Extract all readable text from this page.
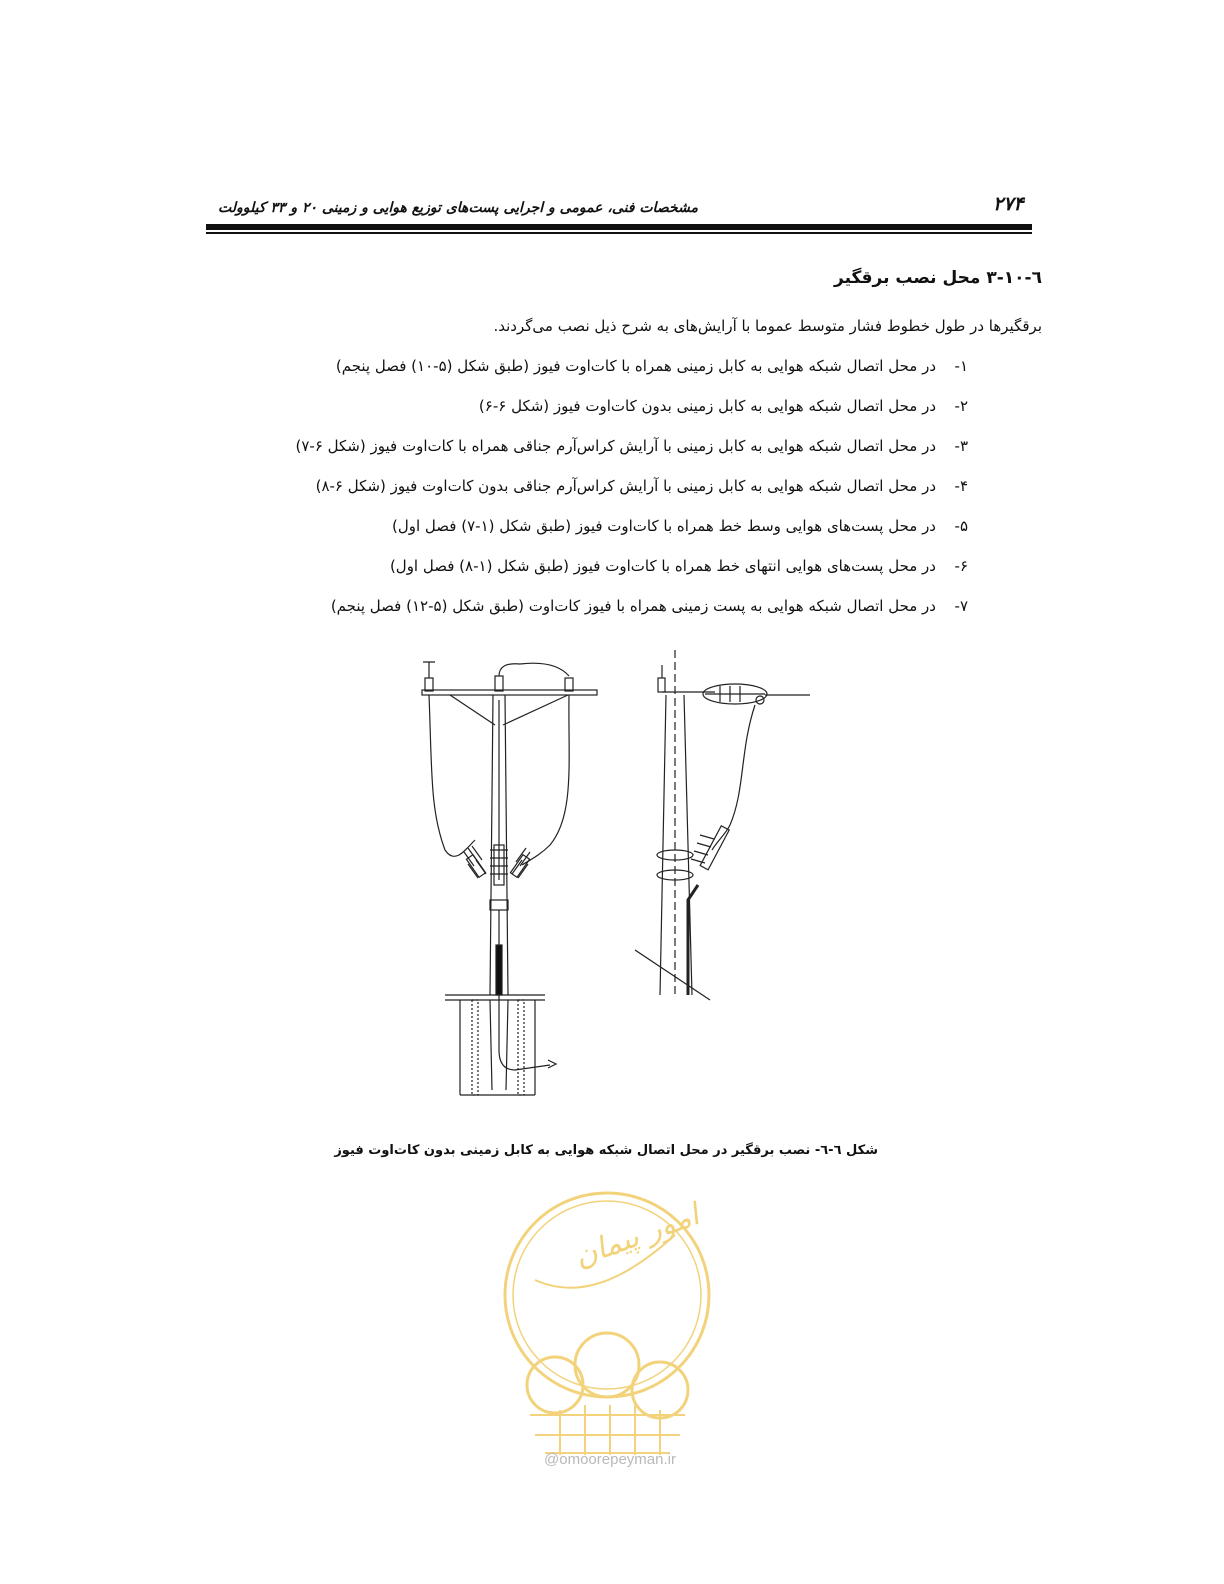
۲۷۴
مشخصات فنی، عمومی و اجرایی پست‌های توزیع هوایی و زمینی ۲۰ و ۳۳ کیلوولت
٦-١٠-٣ محل نصب برقگیر
برقگیرها در طول خطوط فشار متوسط عموما با آرایش‌های به شرح ذیل نصب می‌گردند.
۱-در محل اتصال شبکه هوایی به کابل زمینی همراه با کات‌اوت فیوز (طبق شکل (۵-۱۰) فصل پنجم)
۲-در محل اتصال شبکه هوایی به کابل زمینی بدون کات‌اوت فیوز (شکل ۶-۶)
۳-در محل اتصال شبکه هوایی به کابل زمینی با آرایش کراس‌آرم جناقی همراه با کات‌اوت فیوز (شکل ۶-۷)
۴-در محل اتصال شبکه هوایی به کابل زمینی با آرایش کراس‌آرم جناقی بدون کات‌اوت فیوز (شکل ۶-۸)
۵-در محل پست‌های هوایی وسط خط همراه با کات‌اوت فیوز (طبق شکل (۱-۷) فصل اول)
۶-در محل پست‌های هوایی انتهای خط همراه با کات‌اوت فیوز (طبق شکل (۱-۸) فصل اول)
۷-در محل اتصال شبکه هوایی به پست زمینی همراه با فیوز کات‌اوت (طبق شکل (۵-۱۲) فصل پنجم)
شکل ٦-٦- نصب برقگیر در محل اتصال شبکه هوایی به کابل زمینی بدون کات‌اوت فیوز
امور پیمان
@omoorepeyman.ir
